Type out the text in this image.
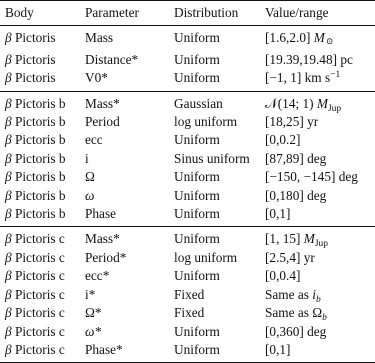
Body	Parameter	Distribution	Value/range
β Pictoris	Mass	Uniform	[1.6,2.0] M⊙
β Pictoris	Distance*	Uniform	[19.39,19.48] pc
β Pictoris	V0*	Uniform	[−1, 1] km $s^{-1}$
β Pictoris b	Mass*	Gaussian	𝒩(14; 1) $M_{Jup}$
β Pictoris b	Period	log uniform	[18,25] yr
β Pictoris b	ecc	Uniform	[0,0.2]
β Pictoris b	i	Sinus uniform	[87,89] deg
β Pictoris b	Ω	Uniform	[−150, −145] deg
β Pictoris b	ω	Uniform	[0,180] deg
β Pictoris b	Phase	Uniform	[0,1]
β Pictoris c	Mass*	Uniform	[1, 15] $M_{Jup}$
β Pictoris c	Period*	log uniform	[2.5,4] yr
β Pictoris c	ecc*	Uniform	[0,0.4]
β Pictoris c	i*	Fixed	Same as $i_b$
β Pictoris c	Ω*	Fixed	Same as $\Omega_b$
β Pictoris c	ω*	Uniform	[0,360] deg
β Pictoris c	Phase*	Uniform	[0,1]
